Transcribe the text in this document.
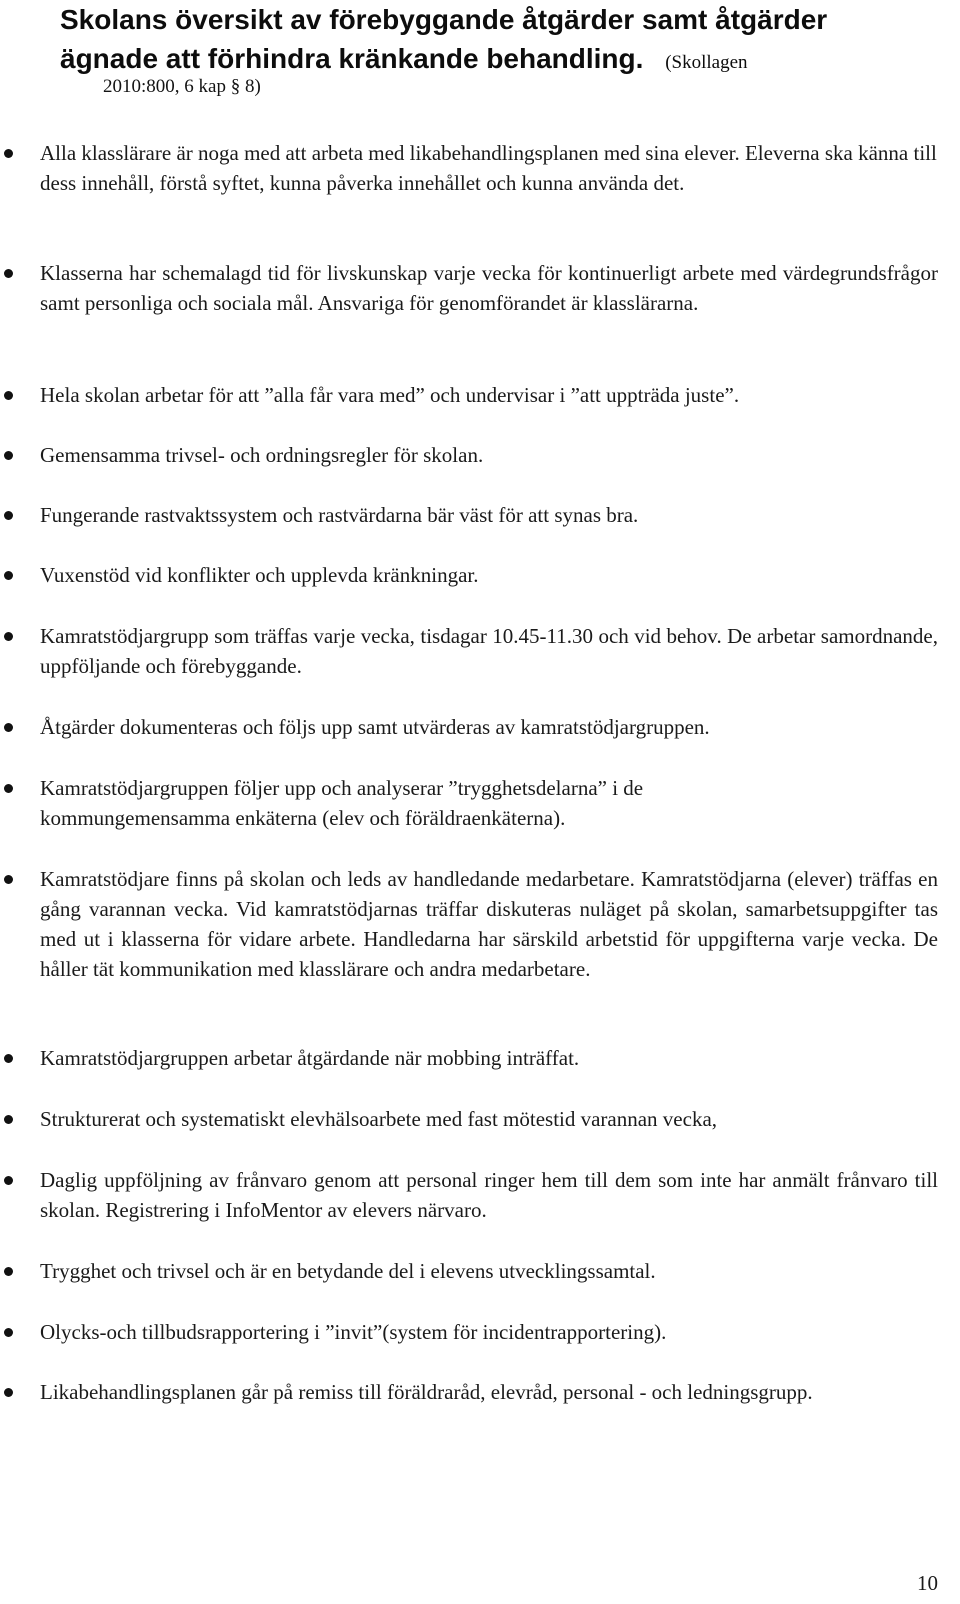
Skolans översikt av förebyggande åtgärder samt åtgärder
ägnade att förhindra kränkande behandling. (Skollagen
2010:800, 6 kap § 8)
Alla klasslärare är noga med att arbeta med likabehandlingsplanen med sina elever. Eleverna ska känna till dess innehåll, förstå syftet, kunna påverka innehållet och kunna använda det.
Klasserna har schemalagd tid för livskunskap varje vecka för kontinuerligt arbete med värdegrundsfrågor samt personliga och sociala mål. Ansvariga för genomförandet är klasslärarna.
Hela skolan arbetar för att ”alla får vara med” och undervisar i ”att uppträda juste”.
Gemensamma trivsel- och ordningsregler för skolan.
Fungerande rastvaktssystem och rastvärdarna bär väst för att synas bra.
Vuxenstöd vid konflikter och upplevda kränkningar.
Kamratstödjargrupp som träffas varje vecka, tisdagar 10.45-11.30 och vid behov. De arbetar samordnande, uppföljande och förebyggande.
Åtgärder dokumenteras och följs upp samt utvärderas av kamratstödjargruppen.
Kamratstödjargruppen följer upp och analyserar ”trygghetsdelarna” i de kommungemensamma enkäterna (elev och föräldraenkäterna).
Kamratstödjare finns på skolan och leds av handledande medarbetare. Kamratstödjarna (elever) träffas en gång varannan vecka. Vid kamratstödjarnas träffar diskuteras nuläget på skolan, samarbetsuppgifter tas med ut i klasserna för vidare arbete. Handledarna har särskild arbetstid för uppgifterna varje vecka. De håller tät kommunikation med klasslärare och andra medarbetare.
Kamratstödjargruppen arbetar åtgärdande när mobbing inträffat.
Strukturerat och systematiskt elevhälsoarbete med fast mötestid varannan vecka,
Daglig uppföljning av frånvaro genom att personal ringer hem till dem som inte har anmält frånvaro till skolan. Registrering i InfoMentor av elevers närvaro.
Trygghet och trivsel och är en betydande del i elevens utvecklingssamtal.
Olycks-och tillbudsrapportering i ”invit”(system för incidentrapportering).
Likabehandlingsplanen går på remiss till föräldraråd, elevråd, personal - och ledningsgrupp.
10
